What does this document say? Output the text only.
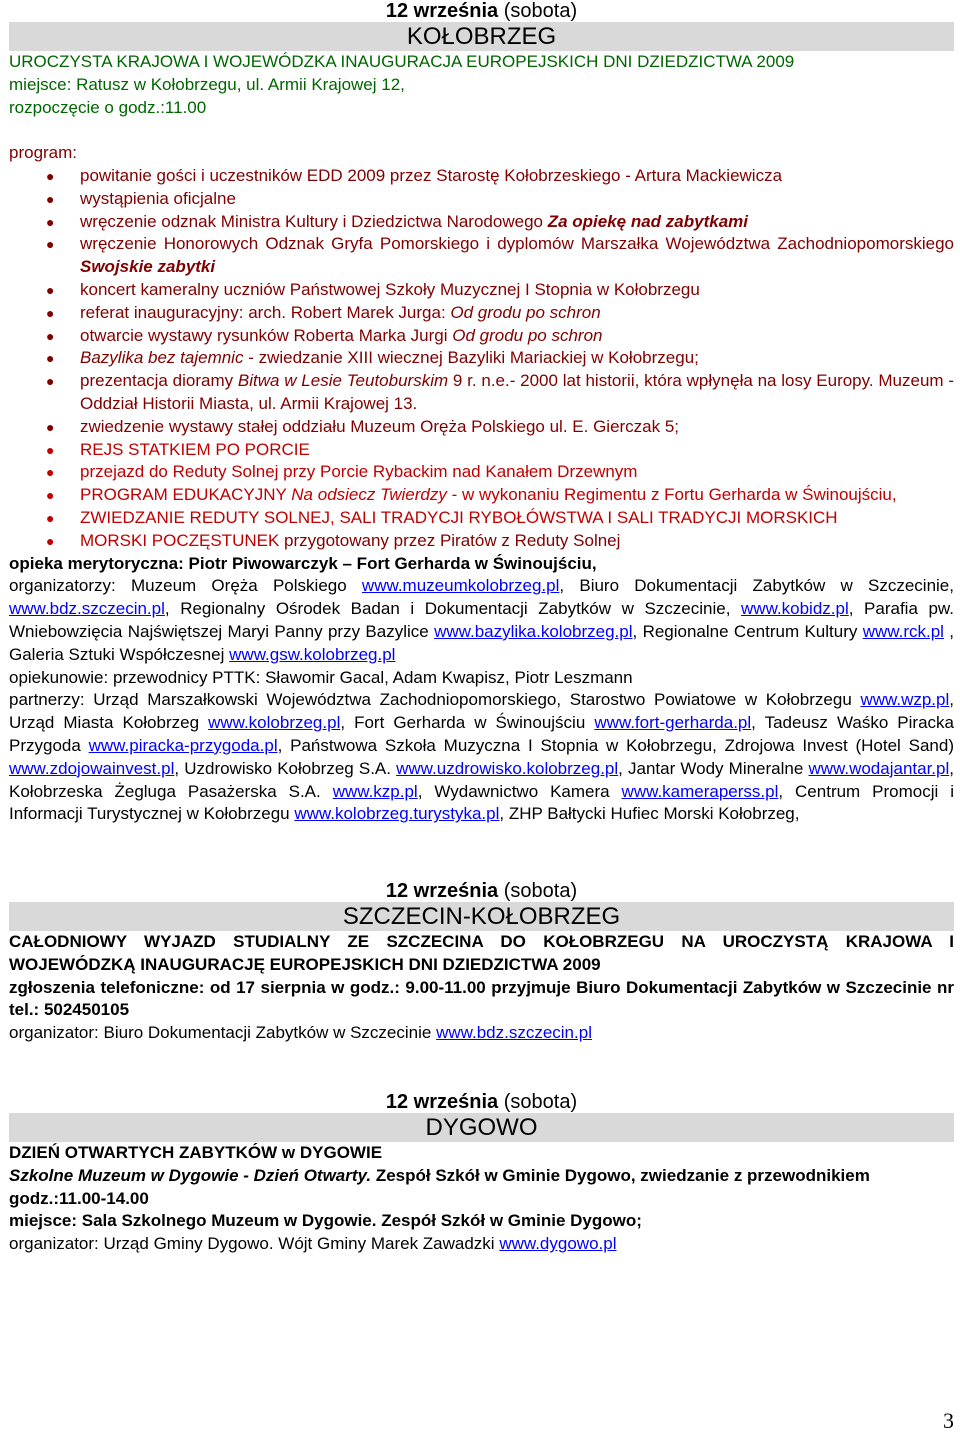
12 września (sobota)
KOŁOBRZEG
UROCZYSTA KRAJOWA I WOJEWÓDZKA INAUGURACJA EUROPEJSKICH DNI DZIEDZICTWA 2009
miejsce: Ratusz w Kołobrzegu, ul. Armii Krajowej 12,
rozpoczęcie o godz.:11.00
program:
● powitanie gości i uczestników EDD 2009 przez Starostę Kołobrzeskiego - Artura Mackiewicza
● wystąpienia oficjalne
● wręczenie odznak Ministra Kultury i Dziedzictwa Narodowego Za opiekę nad zabytkami
● wręczenie Honorowych Odznak Gryfa Pomorskiego i dyplomów Marszałka Województwa Zachodniopomorskiego Swojskie zabytki
● koncert kameralny uczniów Państwowej Szkoły Muzycznej I Stopnia w Kołobrzegu
● referat inauguracyjny: arch. Robert Marek Jurga: Od grodu po schron
● otwarcie wystawy rysunków Roberta Marka Jurgi Od grodu po schron
● Bazylika bez tajemnic - zwiedzanie XIII wiecznej Bazyliki Mariackiej w Kołobrzegu;
● prezentacja dioramy Bitwa w Lesie Teutoburskim 9 r. n.e.- 2000 lat historii, która wpłynęła na losy Europy. Muzeum - Oddział Historii Miasta, ul. Armii Krajowej 13.
● zwiedzenie wystawy stałej oddziału Muzeum Oręża Polskiego ul. E. Gierczak 5;
● REJS STATKIEM PO PORCIE
● przejazd do Reduty Solnej przy Porcie Rybackim nad Kanałem Drzewnym
● PROGRAM EDUKACYJNY Na odsiecz Twierdzy - w wykonaniu Regimentu z Fortu Gerharda w Świnoujściu,
● ZWIEDZANIE REDUTY SOLNEJ, SALI TRADYCJI RYBOŁÓWSTWA I SALI TRADYCJI MORSKICH
● MORSKI POCZĘSTUNEK przygotowany przez Piratów z Reduty Solnej
opieka merytoryczna: Piotr Piwowarczyk – Fort Gerharda w Świnoujściu,
organizatorzy: Muzeum Oręża Polskiego www.muzeumkolobrzeg.pl, Biuro Dokumentacji Zabytków w Szczecinie, www.bdz.szczecin.pl, Regionalny Ośrodek Badan i Dokumentacji Zabytków w Szczecinie, www.kobidz.pl, Parafia pw. Wniebowzięcia Najświętszej Maryi Panny przy Bazylice www.bazylika.kolobrzeg.pl, Regionalne Centrum Kultury www.rck.pl , Galeria Sztuki Współczesnej www.gsw.kolobrzeg.pl
opiekunowie: przewodnicy PTTK: Sławomir Gacal, Adam Kwapisz, Piotr Leszmann
partnerzy: Urząd Marszałkowski Województwa Zachodniopomorskiego, Starostwo Powiatowe w Kołobrzegu www.wzp.pl, Urząd Miasta Kołobrzeg www.kolobrzeg.pl, Fort Gerharda w Świnoujściu www.fort-gerharda.pl, Tadeusz Waśko Piracka Przygoda www.piracka-przygoda.pl, Państwowa Szkoła Muzyczna I Stopnia w Kołobrzegu, Zdrojowa Invest (Hotel Sand) www.zdojowainvest.pl, Uzdrowisko Kołobrzeg S.A. www.uzdrowisko.kolobrzeg.pl, Jantar Wody Mineralne www.wodajantar.pl, Kołobrzeska Żegluga Pasażerska S.A. www.kzp.pl, Wydawnictwo Kamera www.kameraperss.pl, Centrum Promocji i Informacji Turystycznej w Kołobrzegu www.kolobrzeg.turystyka.pl, ZHP Bałtycki Hufiec Morski Kołobrzeg,
12 września (sobota)
SZCZECIN-KOŁOBRZEG
CAŁODNIOWY WYJAZD STUDIALNY ZE SZCZECINA DO KOŁOBRZEGU NA UROCZYSTĄ KRAJOWA I WOJEWÓDZKĄ INAUGURACJĘ EUROPEJSKICH DNI DZIEDZICTWA 2009
zgłoszenia telefoniczne: od 17 sierpnia w godz.: 9.00-11.00 przyjmuje Biuro Dokumentacji Zabytków w Szczecinie nr tel.: 502450105
organizator: Biuro Dokumentacji Zabytków w Szczecinie www.bdz.szczecin.pl
12 września (sobota)
DYGOWO
DZIEŃ OTWARTYCH ZABYTKÓW w DYGOWIE
Szkolne Muzeum w Dygowie - Dzień Otwarty. Zespół Szkół w Gminie Dygowo, zwiedzanie z przewodnikiem
godz.:11.00-14.00
miejsce: Sala Szkolnego Muzeum w Dygowie. Zespół Szkół w Gminie Dygowo;
organizator: Urząd Gminy Dygowo. Wójt Gminy Marek Zawadzki www.dygowo.pl
3
